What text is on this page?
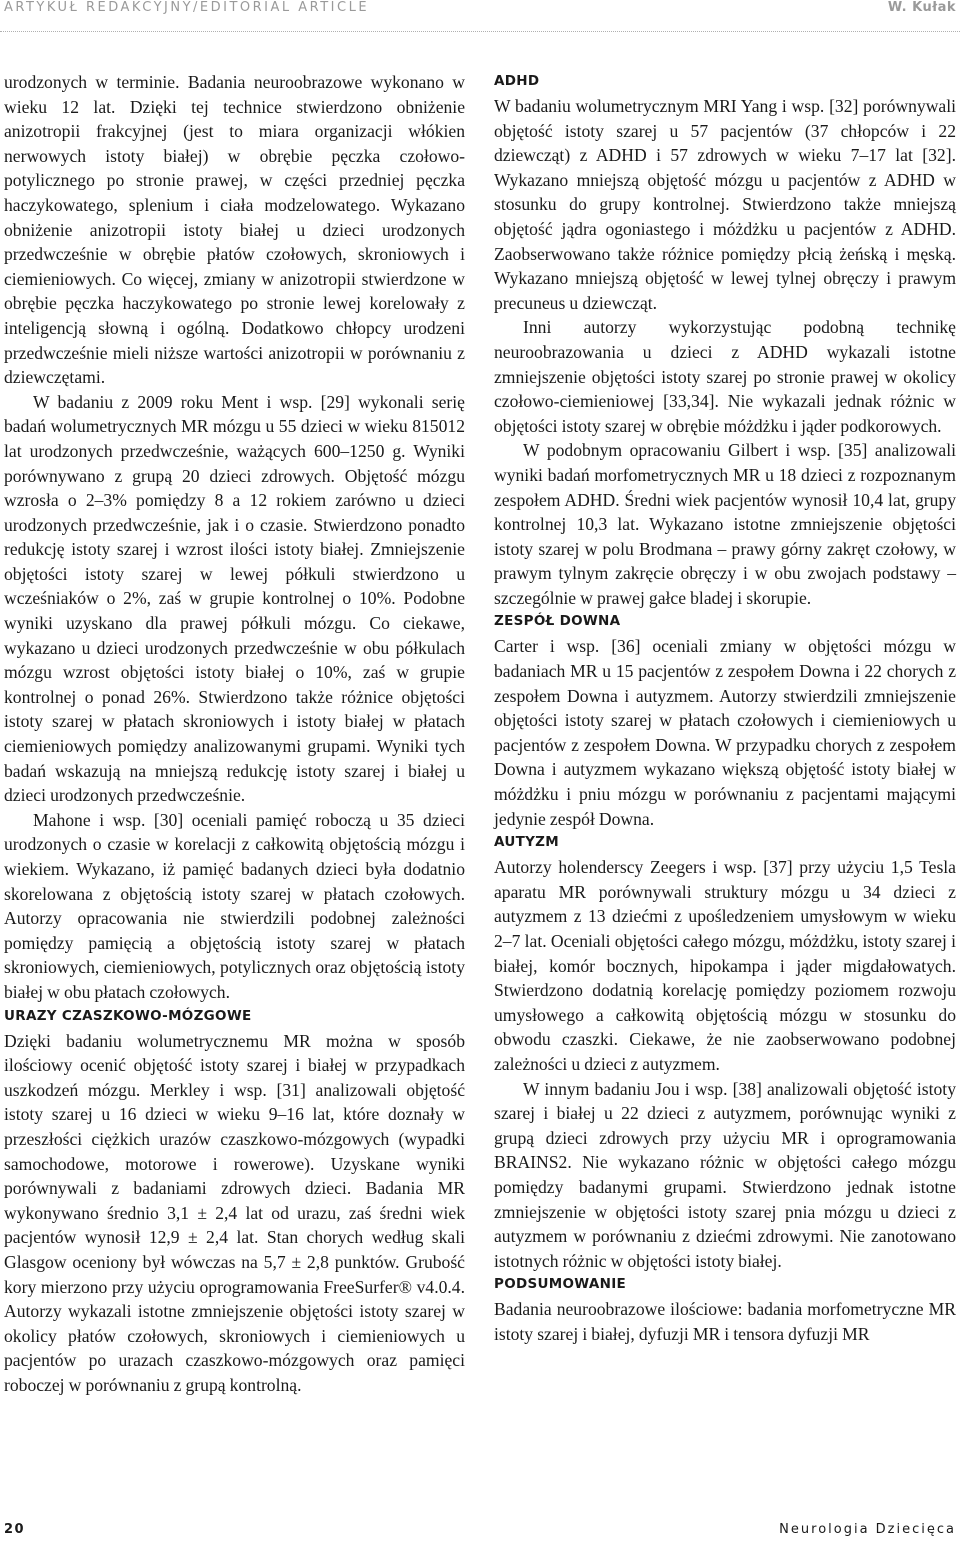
ARTYKUŁ REDAKCYJNY/EDITORIAL ARTICLE	W. Kułak

urodzonych w terminie. Badania neuroobrazowe wykonano w wieku 12 lat. Dzięki tej technice stwierdzono obniżenie anizotropii frakcyjnej (jest to miara organizacji włókien nerwowych istoty białej) w obrębie pęczka czołowo-potylicznego po stronie prawej, w części przedniej pęczka haczykowatego, splenium i ciała modzelowatego. Wykazano obniżenie anizotropii istoty białej u dzieci urodzonych przedwcześnie w obrębie płatów czołowych, skroniowych i ciemieniowych. Co więcej, zmiany w anizotropii stwierdzone w obrębie pęczka haczykowatego po stronie lewej korelowały z inteligencją słowną i ogólną. Dodatkowo chłopcy urodzeni przedwcześnie mieli niższe wartości anizotropii w porównaniu z dziewczętami.

W badaniu z 2009 roku Ment i wsp. [29] wykonali serię badań wolumetrycznych MR mózgu u 55 dzieci w wieku 815012 lat urodzonych przedwcześnie, ważących 600–1250 g. Wyniki porównywano z grupą 20 dzieci zdrowych. Objętość mózgu wzrosła o 2–3% pomiędzy 8 a 12 rokiem zarówno u dzieci urodzonych przedwcześnie, jak i o czasie. Stwierdzono ponadto redukcję istoty szarej i wzrost ilości istoty białej. Zmniejszenie objętości istoty szarej w lewej półkuli stwierdzono u wcześniaków o 2%, zaś w grupie kontrolnej o 10%. Podobne wyniki uzyskano dla prawej półkuli mózgu. Co ciekawe, wykazano u dzieci urodzonych przedwcześnie w obu półkulach mózgu wzrost objętości istoty białej o 10%, zaś w grupie kontrolnej o ponad 26%. Stwierdzono także różnice objętości istoty szarej w płatach skroniowych i istoty białej w płatach ciemieniowych pomiędzy analizowanymi grupami. Wyniki tych badań wskazują na mniejszą redukcję istoty szarej i białej u dzieci urodzonych przedwcześnie.

Mahone i wsp. [30] oceniali pamięć roboczą u 35 dzieci urodzonych o czasie w korelacji z całkowitą objętością mózgu i wiekiem. Wykazano, iż pamięć badanych dzieci była dodatnio skorelowana z objętością istoty szarej w płatach czołowych. Autorzy opracowania nie stwierdzili podobnej zależności pomiędzy pamięcią a objętością istoty szarej w płatach skroniowych, ciemieniowych, potylicznych oraz objętością istoty białej w obu płatach czołowych.

URAZY CZASZKOWO-MÓZGOWE

Dzięki badaniu wolumetrycznemu MR można w sposób ilościowy ocenić objętość istoty szarej i białej w przypadkach uszkodzeń mózgu. Merkley i wsp. [31] analizowali objętość istoty szarej u 16 dzieci w wieku 9–16 lat, które doznały w przeszłości ciężkich urazów czaszkowo-mózgowych (wypadki samochodowe, motorowe i rowerowe). Uzyskane wyniki porównywali z badaniami zdrowych dzieci. Badania MR wykonywano średnio 3,1 ± 2,4 lat od urazu, zaś średni wiek pacjentów wynosił 12,9 ± 2,4 lat. Stan chorych według skali Glasgow oceniony był wówczas na 5,7 ± 2,8 punktów. Grubość kory mierzono przy użyciu oprogramowania FreeSurfer® v4.0.4. Autorzy wykazali istotne zmniejszenie objętości istoty szarej w okolicy płatów czołowych, skroniowych i ciemieniowych u pacjentów po urazach czaszkowo-mózgowych oraz pamięci roboczej w porównaniu z grupą kontrolną.

ADHD

W badaniu wolumetrycznym MRI Yang i wsp. [32] porównywali objętość istoty szarej u 57 pacjentów (37 chłopców i 22 dziewcząt) z ADHD i 57 zdrowych w wieku 7–17 lat [32]. Wykazano mniejszą objętość mózgu u pacjentów z ADHD w stosunku do grupy kontrolnej. Stwierdzono także mniejszą objętość jądra ogoniastego i móżdżku u pacjentów z ADHD. Zaobserwowano także różnice pomiędzy płcią żeńską i męską. Wykazano mniejszą objętość w lewej tylnej obręczy i prawym precuneus u dziewcząt.

Inni autorzy wykorzystując podobną technikę neuroobrazowania u dzieci z ADHD wykazali istotne zmniejszenie objętości istoty szarej po stronie prawej w okolicy czołowo-ciemieniowej [33,34]. Nie wykazali jednak różnic w objętości istoty szarej w obrębie móżdżku i jąder podkorowych.

W podobnym opracowaniu Gilbert i wsp. [35] analizowali wyniki badań morfometrycznych MR u 18 dzieci z rozpoznanym zespołem ADHD. Średni wiek pacjentów wynosił 10,4 lat, grupy kontrolnej 10,3 lat. Wykazano istotne zmniejszenie objętości istoty szarej w polu Brodmana – prawy górny zakręt czołowy, w prawym tylnym zakręcie obręczy i w obu zwojach podstawy – szczególnie w prawej gałce bladej i skorupie.

ZESPÓŁ DOWNA

Carter i wsp. [36] oceniali zmiany w objętości mózgu w badaniach MR u 15 pacjentów z zespołem Downa i 22 chorych z zespołem Downa i autyzmem. Autorzy stwierdzili zmniejszenie objętości istoty szarej w płatach czołowych i ciemieniowych u pacjentów z zespołem Downa. W przypadku chorych z zespołem Downa i autyzmem wykazano większą objętość istoty białej w móżdżku i pniu mózgu w porównaniu z pacjentami mającymi jedynie zespół Downa.

AUTYZM

Autorzy holenderscy Zeegers i wsp. [37] przy użyciu 1,5 Tesla aparatu MR porównywali struktury mózgu u 34 dzieci z autyzmem z 13 dziećmi z upośledzeniem umysłowym w wieku 2–7 lat. Oceniali objętości całego mózgu, móżdżku, istoty szarej i białej, komór bocznych, hipokampa i jąder migdałowatych. Stwierdzono dodatnią korelację pomiędzy poziomem rozwoju umysłowego a całkowitą objętością mózgu w stosunku do obwodu czaszki. Ciekawe, że nie zaobserwowano podobnej zależności u dzieci z autyzmem.

W innym badaniu Jou i wsp. [38] analizowali objętość istoty szarej i białej u 22 dzieci z autyzmem, porównując wyniki z grupą dzieci zdrowych przy użyciu MR i oprogramowania BRAINS2. Nie wykazano różnic w objętości całego mózgu pomiędzy badanymi grupami. Stwierdzono jednak istotne zmniejszenie w objętości istoty szarej pnia mózgu u dzieci z autyzmem w porównaniu z dziećmi zdrowymi. Nie zanotowano istotnych różnic w objętości istoty białej.

PODSUMOWANIE

Badania neuroobrazowe ilościowe: badania morfometryczne MR istoty szarej i białej, dyfuzji MR i tensora dyfuzji MR

20	Neurologia Dziecięca
